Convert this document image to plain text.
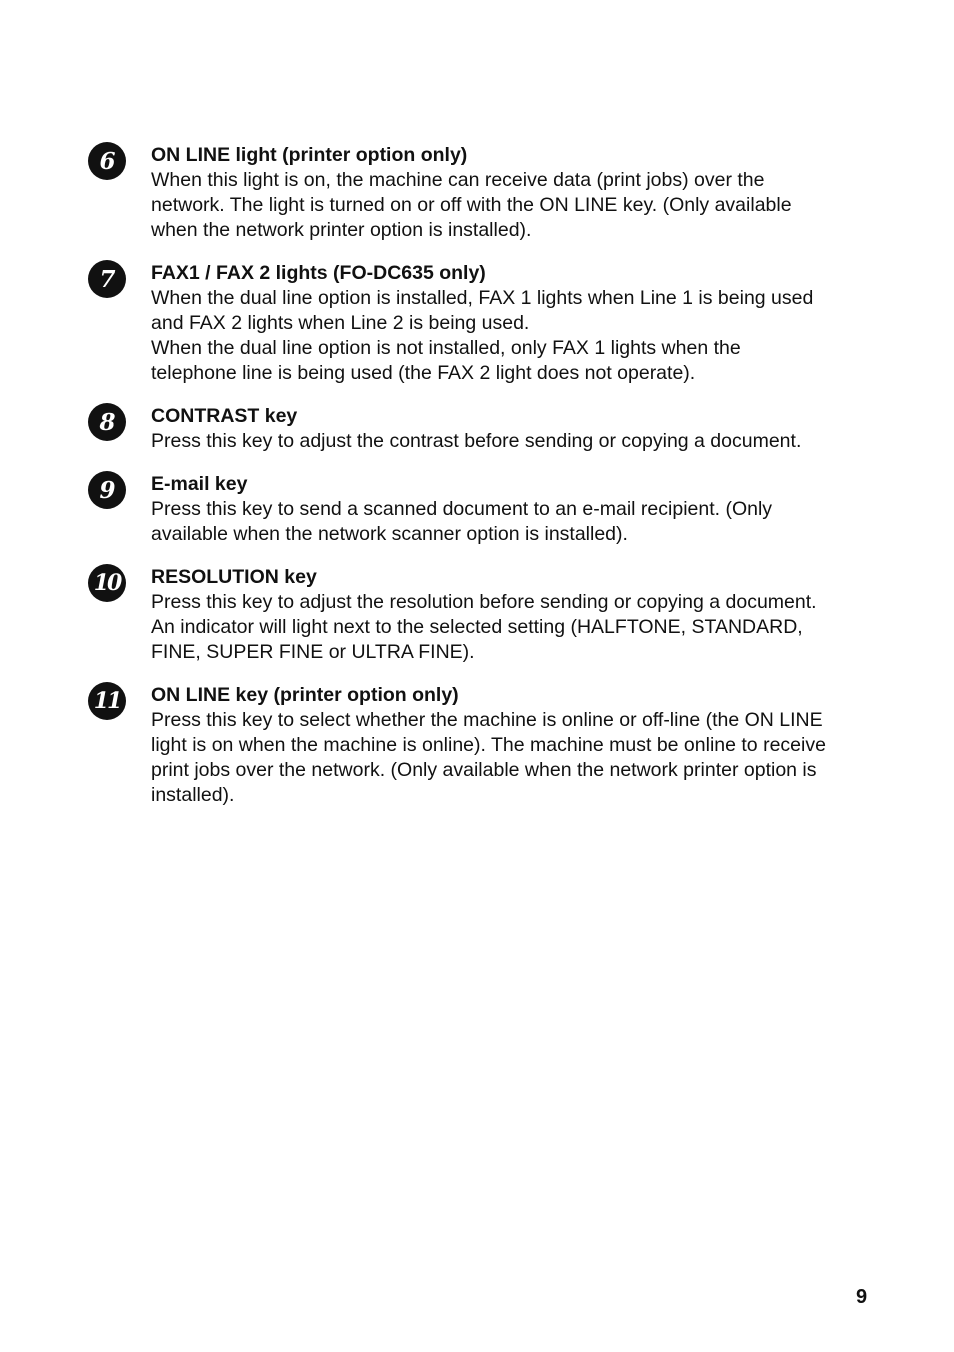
6	ON LINE light (printer option only)

When this light is on, the machine can receive data (print jobs) over the

network. The light is turned on or off with the ON LINE key. (Only available

when the network printer option is installed).

7	FAX1 / FAX 2 lights (FO-DC635 only)

When the dual line option is installed, FAX 1 lights when Line 1 is being used

and FAX 2 lights when Line 2 is being used.

When the dual line option is not installed, only FAX 1 lights when the

telephone line is being used (the FAX 2 light does not operate).

8	CONTRAST key

Press this key to adjust the contrast before sending or copying a document.

9	E-mail key

Press this key to send a scanned document to an e-mail recipient. (Only

available when the network scanner option is installed).

10 RESOLUTION key

Press this key to adjust the resolution before sending or copying a document.

An indicator will light next to the selected setting (HALFTONE, STANDARD,

FINE, SUPER FINE or ULTRA FINE).

11 ON LINE key (printer option only)

Press this key to select whether the machine is online or off-line (the ON LINE

light is on when the machine is online). The machine must be online to receive

print jobs over the network. (Only available when the network printer option is

installed).

9
